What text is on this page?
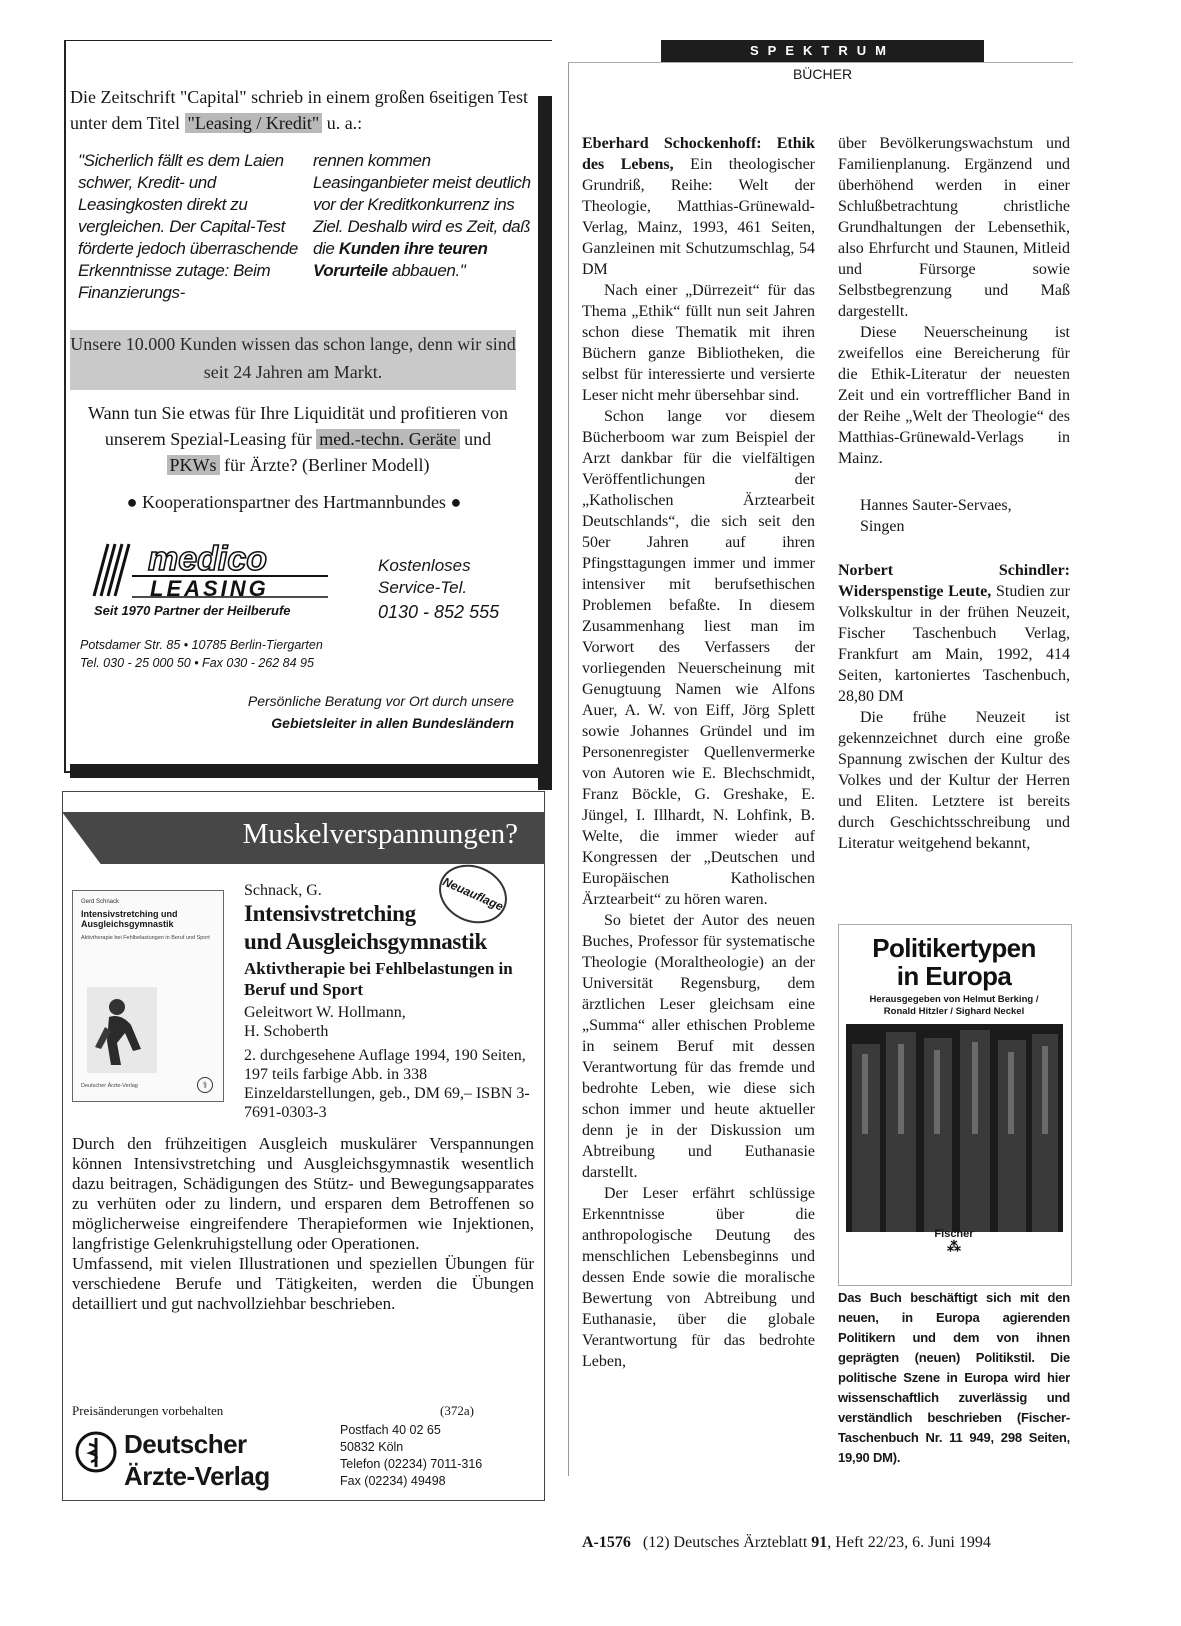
Die Zeitschrift "Capital" schrieb in einem großen 6seitigen Test unter dem Titel "Leasing / Kredit" u. a.:
"Sicherlich fällt es dem Laien schwer, Kredit- und Leasingkosten direkt zu vergleichen. Der Capital-Test förderte jedoch überraschende Erkenntnisse zutage: Beim Finanzierungs-
rennen kommen Leasinganbieter meist deutlich vor der Kreditkonkurrenz ins Ziel. Deshalb wird es Zeit, daß die Kunden ihre teuren Vorurteile abbauen."
Unsere 10.000 Kunden wissen das schon lange, denn wir sind seit 24 Jahren am Markt.
Wann tun Sie etwas für Ihre Liquidität und profitieren von unserem Spezial-Leasing für med.-techn. Geräte und PKWs für Ärzte? (Berliner Modell)
● Kooperationspartner des Hartmannbundes ●
medico
LEASING
Seit 1970 Partner der Heilberufe
Potsdamer Str. 85 • 10785 Berlin-Tiergarten
Tel. 030 - 25 000 50 • Fax 030 - 262 84 95
Kostenloses
Service-Tel.
0130 - 852 555
Persönliche Beratung vor Ort durch unsere
Gebietsleiter in allen Bundesländern
Muskelverspannungen?
Gerd Schnack
Intensivstretching und Ausgleichsgymnastik
Aktivtherapie bei Fehlbelastungen in Beruf und Sport
Deutscher Ärzte-Verlag	⚕
Neuauflage
Schnack, G.
Intensivstretching
und Ausgleichsgymnastik
Aktivtherapie bei Fehlbelastungen in Beruf und Sport
Geleitwort W. Hollmann,
H. Schoberth
2. durchgesehene Auflage 1994, 190 Seiten, 197 teils farbige Abb. in 338 Einzeldarstellungen, geb., DM 69,– ISBN 3-7691-0303-3

Durch den frühzeitigen Ausgleich muskulärer Verspannungen können Intensivstretching und Ausgleichsgymnastik wesentlich dazu beitragen, Schädigungen des Stütz- und Bewegungsapparates zu verhüten oder zu lindern, und ersparen dem Betroffenen so möglicherweise eingreifendere Therapieformen wie Injektionen, langfristige Gelenkruhigstellung oder Operationen.

Umfassend, mit vielen Illustrationen und speziellen Übungen für verschiedene Berufe und Tätigkeiten, werden die Übungen detailliert und gut nachvollziehbar beschrieben.

Preisänderungen vorbehalten	(372a)
Deutscher
Ärzte-Verlag
Postfach 40 02 65
50832 Köln
Telefon (02234) 7011-316
Fax (02234) 49498
SPEKTRUM
BÜCHER

Eberhard Schockenhoff: Ethik des Lebens, Ein theologischer Grundriß, Reihe: Welt der Theologie, Matthias-Grünewald-Verlag, Mainz, 1993, 461 Seiten, Ganzleinen mit Schutzumschlag, 54 DM

Nach einer „Dürrezeit“ für das Thema „Ethik“ füllt nun seit Jahren schon diese Thematik mit ihren Büchern ganze Bibliotheken, die selbst für interessierte und versierte Leser nicht mehr übersehbar sind.

Schon lange vor diesem Bücherboom war zum Beispiel der Arzt dankbar für die vielfältigen Veröffentlichungen der „Katholischen Ärztearbeit Deutschlands“, die sich seit den 50er Jahren auf ihren Pfingsttagungen immer und immer intensiver mit berufsethischen Problemen befaßte. In diesem Zusammenhang liest man im Vorwort des Verfassers der vorliegenden Neuerscheinung mit Genugtuung Namen wie Alfons Auer, A. W. von Eiff, Jörg Splett sowie Johannes Gründel und im Personenregister Quellenvermerke von Autoren wie E. Blechschmidt, Franz Böckle, G. Greshake, E. Jüngel, I. Illhardt, N. Lohfink, B. Welte, die immer wieder auf Kongressen der „Deutschen und Europäischen Katholischen Ärztearbeit“ zu hören waren.

So bietet der Autor des neuen Buches, Professor für systematische Theologie (Moraltheologie) an der Universität Regensburg, dem ärztlichen Leser gleichsam eine „Summa“ aller ethischen Probleme in seinem Beruf mit dessen Verantwortung für das fremde und bedrohte Leben, wie diese sich schon immer und heute aktueller denn je in der Diskussion um Abtreibung und Euthanasie darstellt.

Der Leser erfährt schlüssige Erkenntnisse über die anthropologische Deutung des menschlichen Lebensbeginns und dessen Ende sowie die moralische Bewertung von Abtreibung und Euthanasie, über die globale Verantwortung für das bedrohte Leben,

über Bevölkerungswachstum und Familienplanung. Ergänzend und überhöhend werden in einer Schlußbetrachtung christliche Grundhaltungen der Lebensethik, also Ehrfurcht und Staunen, Mitleid und Fürsorge sowie Selbstbegrenzung und Maß dargestellt.

Diese Neuerscheinung ist zweifellos eine Bereicherung für die Ethik-Literatur der neuesten Zeit und ein vortrefflicher Band in der Reihe „Welt der Theologie“ des Matthias-Grünewald-Verlags in Mainz.

Hannes Sauter-Servaes,
Singen

Norbert Schindler: Widerspenstige Leute, Studien zur Volkskultur in der frühen Neuzeit, Fischer Taschenbuch Verlag, Frankfurt am Main, 1992, 414 Seiten, kartoniertes Taschenbuch, 28,80 DM

Die frühe Neuzeit ist gekennzeichnet durch eine große Spannung zwischen der Kultur des Volkes und der Kultur der Herren und Eliten. Letztere ist bereits durch Geschichtsschreibung und Literatur weitgehend bekannt,

Politikertypen
in Europa
Herausgegeben von Helmut Berking /
Ronald Hitzler / Sighard Neckel
Fischer
⁂
Das Buch beschäftigt sich mit den neuen, in Europa agierenden Politikern und dem von ihnen geprägten (neuen) Politikstil. Die politische Szene in Europa wird hier wissenschaftlich zuverlässig und verständlich beschrieben (Fischer-Taschenbuch Nr. 11 949, 298 Seiten, 19,90 DM).
A-1576 (12) Deutsches Ärzteblatt 91, Heft 22/23, 6. Juni 1994
